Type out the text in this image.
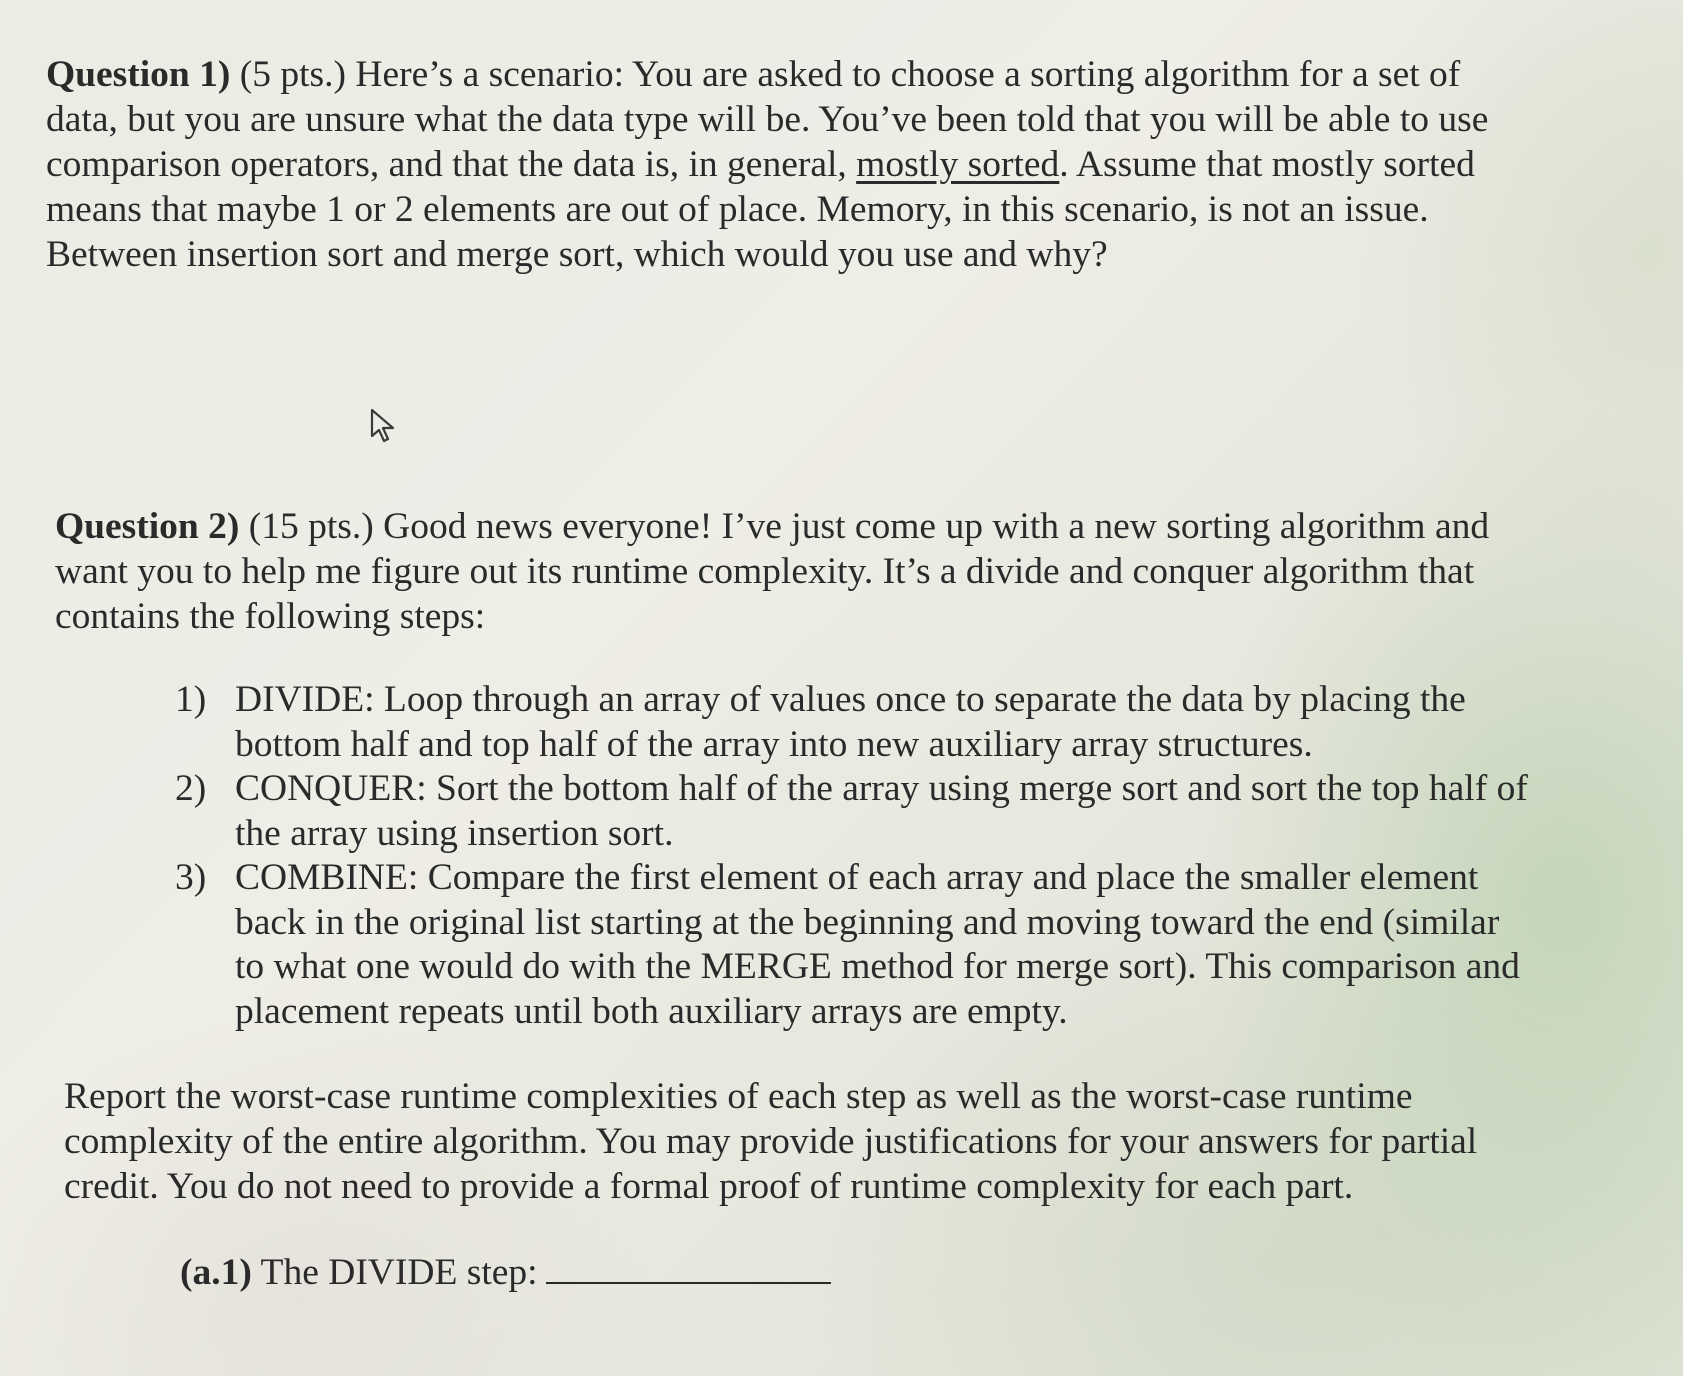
Question 1) (5 pts.) Here’s a scenario: You are asked to choose a sorting algorithm for a set of
data, but you are unsure what the data type will be. You’ve been told that you will be able to use
comparison operators, and that the data is, in general, mostly sorted. Assume that mostly sorted
means that maybe 1 or 2 elements are out of place. Memory, in this scenario, is not an issue.
Between insertion sort and merge sort, which would you use and why?

Question 2) (15 pts.) Good news everyone! I’ve just come up with a new sorting algorithm and
want you to help me figure out its runtime complexity. It’s a divide and conquer algorithm that
contains the following steps:

1) DIVIDE: Loop through an array of values once to separate the data by placing the
bottom half and top half of the array into new auxiliary array structures.
2) CONQUER: Sort the bottom half of the array using merge sort and sort the top half of
the array using insertion sort.
3) COMBINE: Compare the first element of each array and place the smaller element
back in the original list starting at the beginning and moving toward the end (similar
to what one would do with the MERGE method for merge sort). This comparison and
placement repeats until both auxiliary arrays are empty.

Report the worst-case runtime complexities of each step as well as the worst-case runtime
complexity of the entire algorithm. You may provide justifications for your answers for partial
credit. You do not need to provide a formal proof of runtime complexity for each part.

(a.1) The DIVIDE step:
